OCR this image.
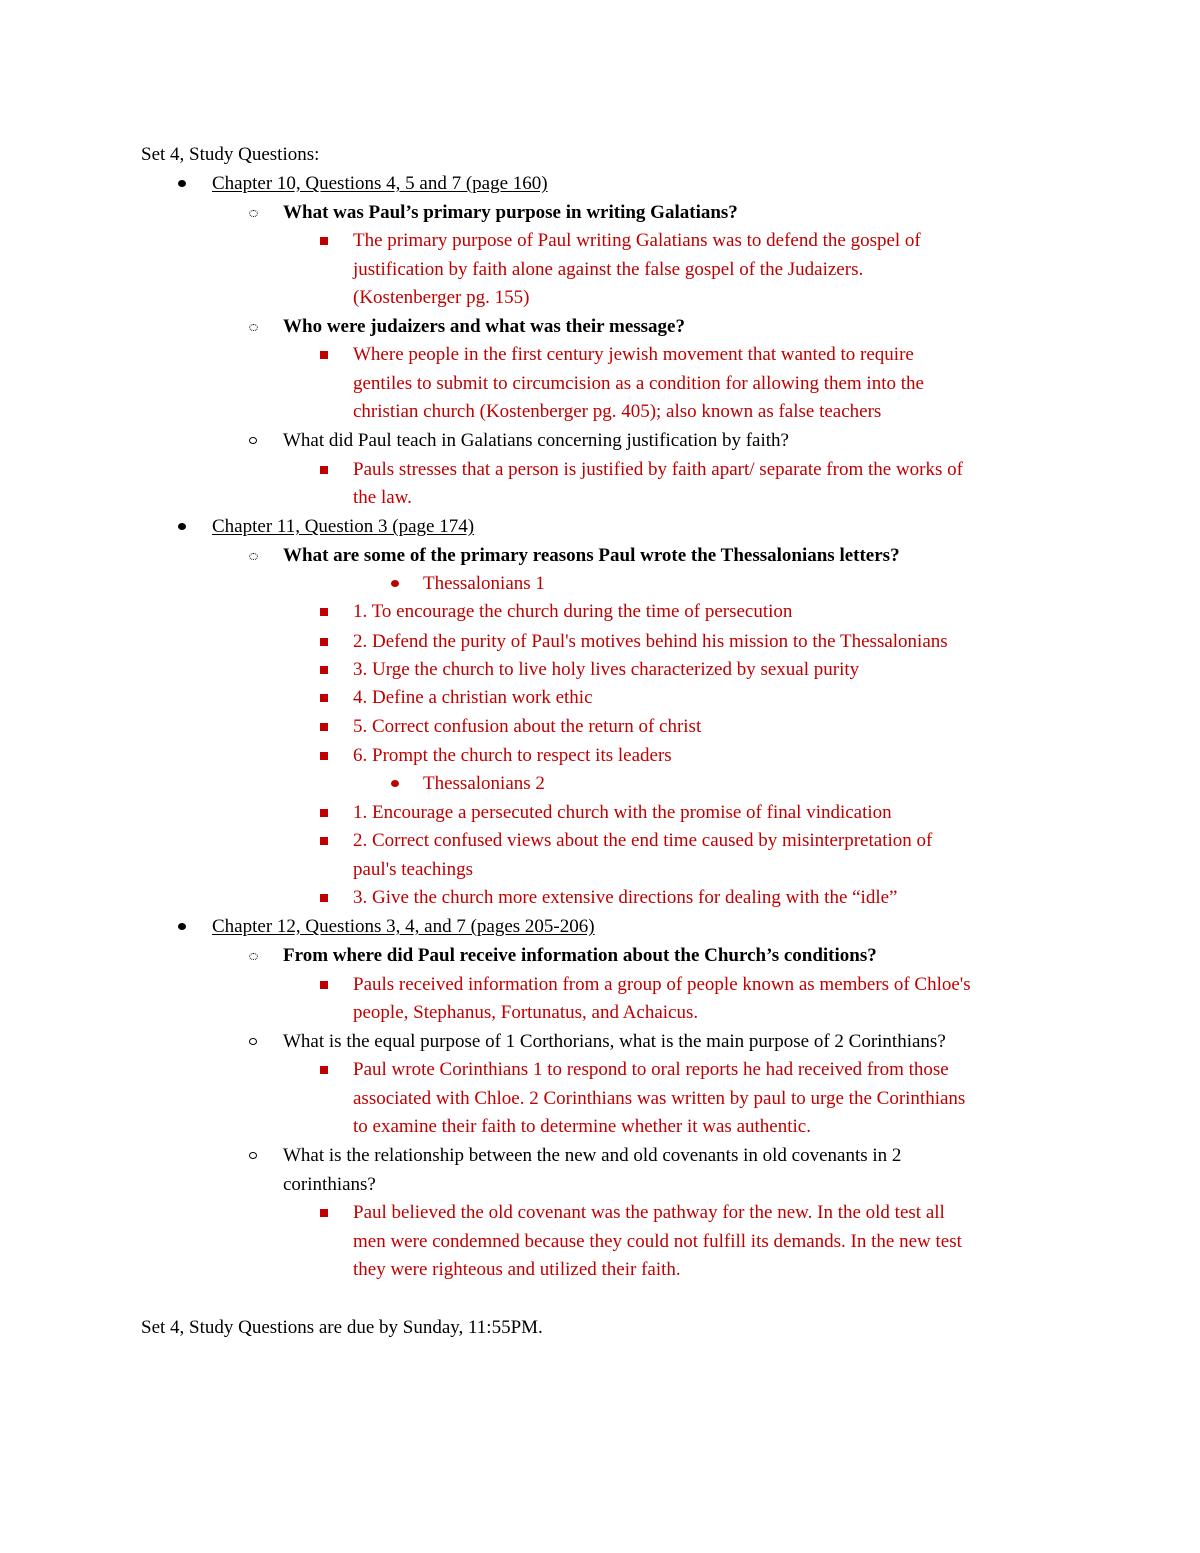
Set 4, Study Questions:
Chapter 10, Questions 4, 5 and 7 (page 160)
What was Paul’s primary purpose in writing Galatians?
The primary purpose of Paul writing Galatians was to defend the gospel of
justification by faith alone against the false gospel of the Judaizers.
(Kostenberger pg. 155)
Who were judaizers and what was their message?
Where people in the first century jewish movement that wanted to require
gentiles to submit to circumcision as a condition for allowing them into the
christian church (Kostenberger pg. 405); also known as false teachers
What did Paul teach in Galatians concerning justification by faith?
Pauls stresses that a person is justified by faith apart/ separate from the works of
the law.
Chapter 11, Question 3 (page 174)
What are some of the primary reasons Paul wrote the Thessalonians letters?
Thessalonians 1
1. To encourage the church during the time of persecution
2. Defend the purity of Paul's motives behind his mission to the Thessalonians
3. Urge the church to live holy lives characterized by sexual purity
4. Define a christian work ethic
5. Correct confusion about the return of christ
6. Prompt the church to respect its leaders
Thessalonians 2
1. Encourage a persecuted church with the promise of final vindication
2. Correct confused views about the end time caused by misinterpretation of
paul's teachings
3. Give the church more extensive directions for dealing with the “idle”
Chapter 12, Questions 3, 4, and 7 (pages 205-206)
From where did Paul receive information about the Church’s conditions?
Pauls received information from a group of people known as members of Chloe's
people, Stephanus, Fortunatus, and Achaicus.
What is the equal purpose of 1 Corthorians, what is the main purpose of 2 Corinthians?
Paul wrote Corinthians 1 to respond to oral reports he had received from those
associated with Chloe. 2 Corinthians was written by paul to urge the Corinthians
to examine their faith to determine whether it was authentic.
What is the relationship between the new and old covenants in old covenants in 2
corinthians?
Paul believed the old covenant was the pathway for the new. In the old test all
men were condemned because they could not fulfill its demands. In the new test
they were righteous and utilized their faith.
Set 4, Study Questions are due by Sunday, 11:55PM.
